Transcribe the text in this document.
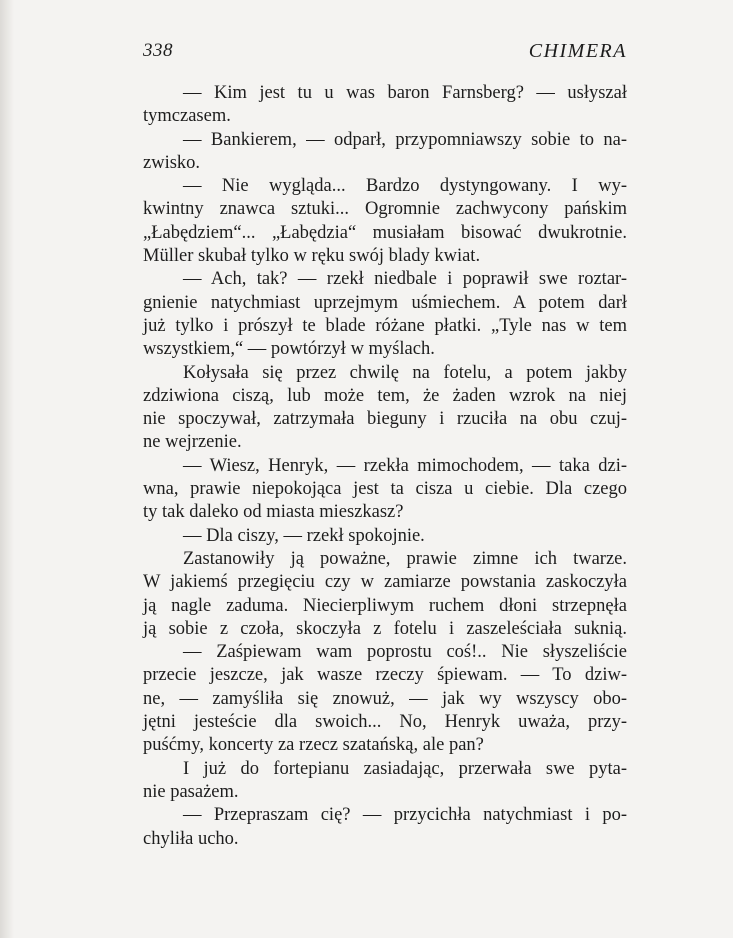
338	CHIMERA
— Kim jest tu u was baron Farnsberg? — usłyszał
tymczasem.
— Bankierem, — odparł, przypomniawszy sobie to na-
zwisko.
— Nie wygląda... Bardzo dystyngowany. I wy-
kwintny znawca sztuki... Ogromnie zachwycony pańskim
„Łabędziem“... „Łabędzia“ musiałam bisować dwukrotnie.
Müller skubał tylko w ręku swój blady kwiat.
— Ach, tak? — rzekł niedbale i poprawił swe roztar-
gnienie natychmiast uprzejmym uśmiechem. A potem darł
już tylko i prószył te blade różane płatki. „Tyle nas w tem
wszystkiem,“ — powtórzył w myślach.
Kołysała się przez chwilę na fotelu, a potem jakby
zdziwiona ciszą, lub może tem, że żaden wzrok na niej
nie spoczywał, zatrzymała bieguny i rzuciła na obu czuj-
ne wejrzenie.
— Wiesz, Henryk, — rzekła mimochodem, — taka dzi-
wna, prawie niepokojąca jest ta cisza u ciebie. Dla czego
ty tak daleko od miasta mieszkasz?
— Dla ciszy, — rzekł spokojnie.
Zastanowiły ją poważne, prawie zimne ich twarze.
W jakiemś przegięciu czy w zamiarze powstania zaskoczyła
ją nagle zaduma. Niecierpliwym ruchem dłoni strzepnęła
ją sobie z czoła, skoczyła z fotelu i zaszeleściała suknią.
— Zaśpiewam wam poprostu coś!.. Nie słyszeliście
przecie jeszcze, jak wasze rzeczy śpiewam. — To dziw-
ne, — zamyśliła się znowuż, — jak wy wszyscy obo-
jętni jesteście dla swoich... No, Henryk uważa, przy-
puśćmy, koncerty za rzecz szatańską, ale pan?
I już do fortepianu zasiadając, przerwała swe pyta-
nie pasażem.
— Przepraszam cię? — przycichła natychmiast i po-
chyliła ucho.
